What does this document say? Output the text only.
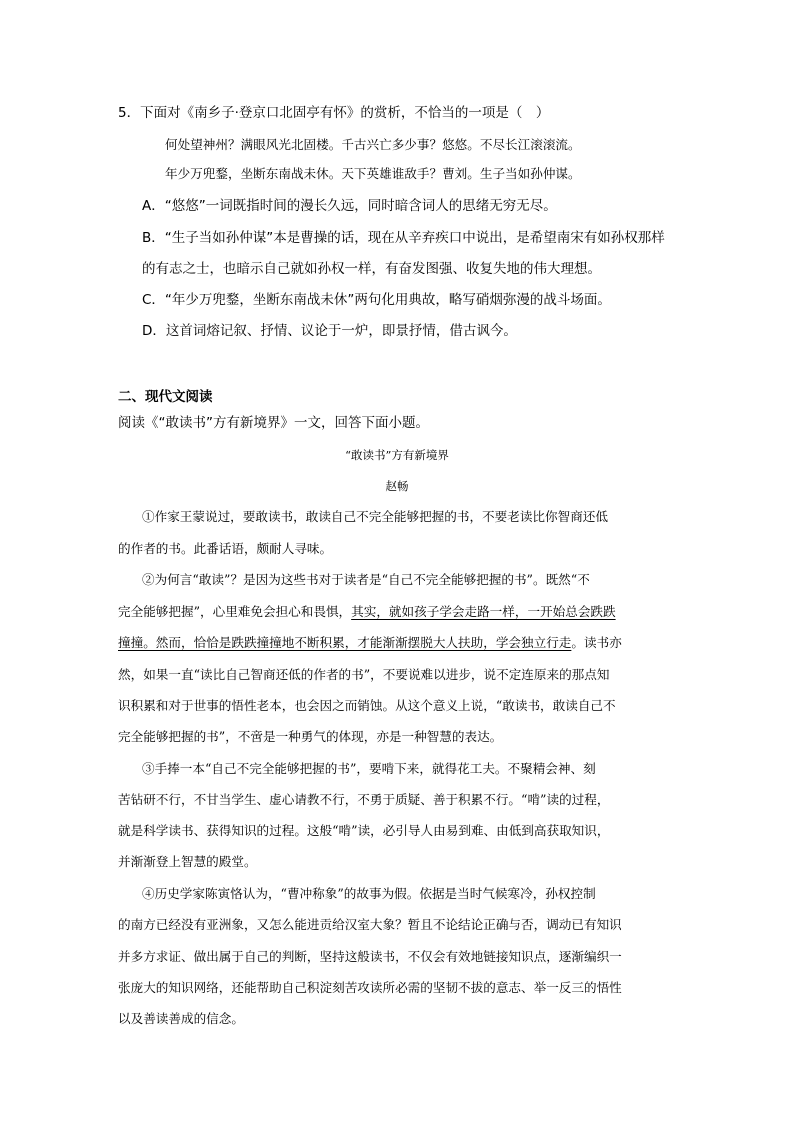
5．下面对《南乡子·登京口北固亭有怀》的赏析，不恰当的一项是（　）
何处望神州？满眼风光北固楼。千古兴亡多少事？悠悠。不尽长江滚滚流。
年少万兜鍪，坐断东南战未休。天下英雄谁敌手？曹刘。生子当如孙仲谋。
A．“悠悠”一词既指时间的漫长久远，同时暗含词人的思绪无穷无尽。
B．“生子当如孙仲谋”本是曹操的话，现在从辛弃疾口中说出，是希望南宋有如孙权那样
的有志之士，也暗示自己就如孙权一样，有奋发图强、收复失地的伟大理想。
C．“年少万兜鍪，坐断东南战未休”两句化用典故，略写硝烟弥漫的战斗场面。
D．这首词熔记叙、抒情、议论于一炉，即景抒情，借古讽今。
二、现代文阅读
阅读《“敢读书”方有新境界》一文，回答下面小题。
“敢读书”方有新境界
赵畅
①作家王蒙说过，要敢读书，敢读自己不完全能够把握的书，不要老读比你智商还低
的作者的书。此番话语，颇耐人寻味。
②为何言“敢读”？是因为这些书对于读者是“自己不完全能够把握的书”。既然“不
完全能够把握”，心里难免会担心和畏惧，其实，就如孩子学会走路一样，一开始总会跌跌
撞撞。然而，恰恰是跌跌撞撞地不断积累，才能渐渐摆脱大人扶助，学会独立行走。读书亦
然，如果一直“读比自己智商还低的作者的书”，不要说难以进步，说不定连原来的那点知
识积累和对于世事的悟性老本，也会因之而销蚀。从这个意义上说，“敢读书，敢读自己不
完全能够把握的书”，不啻是一种勇气的体现，亦是一种智慧的表达。
③手捧一本“自己不完全能够把握的书”，要啃下来，就得花工夫。不聚精会神、刻
苦钻研不行，不甘当学生、虚心请教不行，不勇于质疑、善于积累不行。“啃”读的过程，
就是科学读书、获得知识的过程。这般“啃”读，必引导人由易到难、由低到高获取知识，
并渐渐登上智慧的殿堂。
④历史学家陈寅恪认为，“曹冲称象”的故事为假。依据是当时气候寒冷，孙权控制
的南方已经没有亚洲象，又怎么能进贡给汉室大象？暂且不论结论正确与否，调动已有知识
并多方求证、做出属于自己的判断，坚持这般读书，不仅会有效地链接知识点，逐渐编织一
张庞大的知识网络，还能帮助自己积淀刻苦攻读所必需的坚韧不拔的意志、举一反三的悟性
以及善读善成的信念。
